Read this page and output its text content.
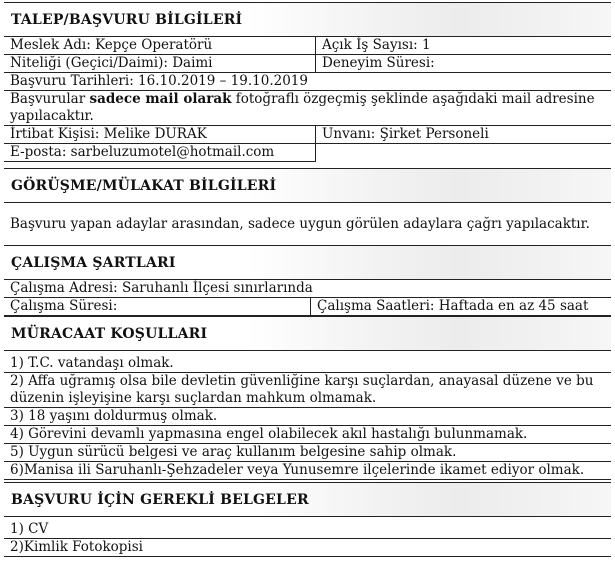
TALEP/BAŞVURU BİLGİLERİ
Meslek Adı: Kepçe Operatörü	Açık İş Sayısı: 1
Niteliği (Geçici/Daimi): Daimi	Deneyim Süresi:
Başvuru Tarihleri: 16.10.2019 – 19.10.2019
Başvurular sadece mail olarak fotoğraflı özgeçmiş şeklinde aşağıdaki mail adresine yapılacaktır.
İrtibat Kişisi: Melike DURAK	Unvanı: Şirket Personeli
E-posta: sarbeluzumotel@hotmail.com
GÖRÜŞME/MÜLAKAT BİLGİLERİ
Başvuru yapan adaylar arasından, sadece uygun görülen adaylara çağrı yapılacaktır.
ÇALIŞMA ŞARTLARI
Çalışma Adresi: Saruhanlı İlçesi sınırlarında
Çalışma Süresi:	Çalışma Saatleri: Haftada en az 45 saat
MÜRACAAT KOŞULLARI
1) T.C. vatandaşı olmak.
2) Affa uğramış olsa bile devletin güvenliğine karşı suçlardan, anayasal düzene ve bu düzenin işleyişine karşı suçlardan mahkum olmamak.
3) 18 yaşını doldurmuş olmak.
4) Görevini devamlı yapmasına engel olabilecek akıl hastalığı bulunmamak.
5) Uygun sürücü belgesi ve araç kullanım belgesine sahip olmak.
6)Manisa ili Saruhanlı-Şehzadeler veya Yunusemre ilçelerinde ikamet ediyor olmak.
BAŞVURU İÇİN GEREKLİ BELGELER
1) CV
2)Kimlik Fotokopisi
